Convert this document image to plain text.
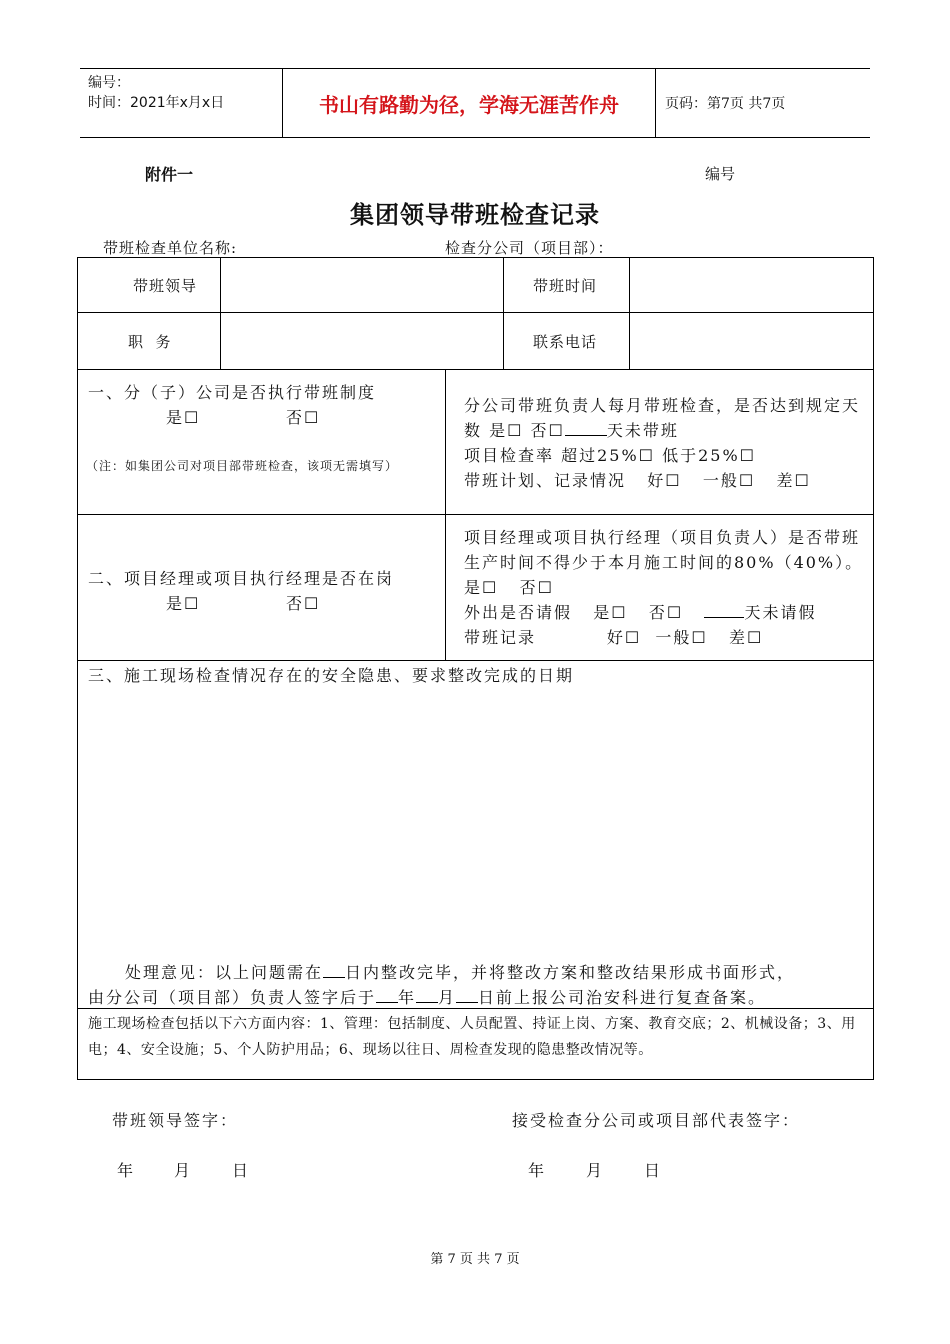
编号：
时间：2021年x月x日	书山有路勤为径，学海无涯苦作舟	页码：第7页 共7页
附件一	编号
集团领导带班检查记录
带班检查单位名称:	检查分公司（项目部）：
带班领导	带班时间
职  务	联系电话
一、分（子）公司是否执行带班制度
是☐	否☐
（注：如集团公司对项目部带班检查，该项无需填写）
分公司带班负责人每月带班检查，是否达到规定天数 是☐ 否☐	天未带班
项目检查率 超过25%☐ 低于25%☐
带班计划、记录情况   好☐   一般☐   差☐
二、项目经理或项目执行经理是否在岗
是☐	否☐
项目经理或项目执行经理（项目负责人）是否带班生产时间不得少于本月施工时间的80%（40%）。   是☐   否☐
外出是否请假   是☐   否☐	天未请假
带班记录          好☐  一般☐   差☐
三、施工现场检查情况存在的安全隐患、要求整改完成的日期
处理意见：以上问题需在 日内整改完毕，并将整改方案和整改结果形成书面形式，
由分公司（项目部）负责人签字后于 年 月 日前上报公司治安科进行复查备案。
施工现场检查包括以下六方面内容：1、管理：包括制度、人员配置、持证上岗、方案、教育交底；2、机械设备；3、用电；4、安全设施；5、个人防护用品；6、现场以往日、周检查发现的隐患整改情况等。
带班领导签字：	接受检查分公司或项目部代表签字：
年 月 日	年 月 日
第 7 页 共 7 页
